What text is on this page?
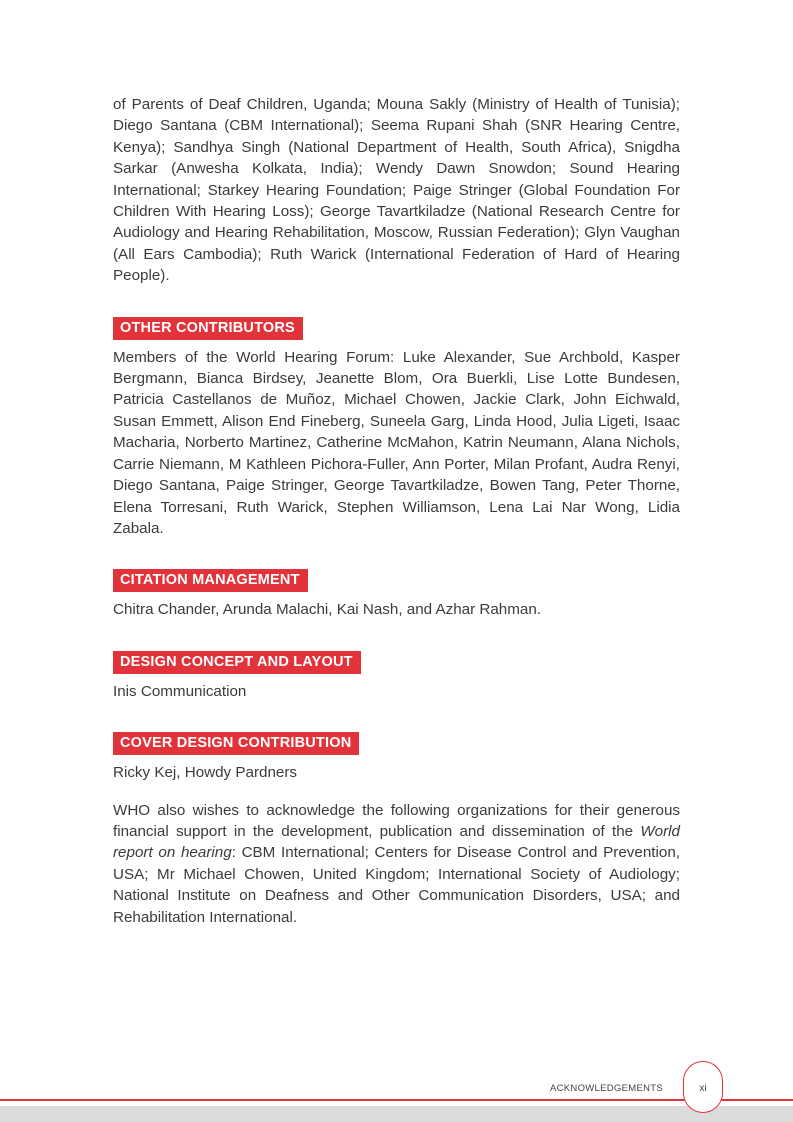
of Parents of Deaf Children, Uganda; Mouna Sakly (Ministry of Health of Tunisia); Diego Santana (CBM International); Seema Rupani Shah (SNR Hearing Centre, Kenya); Sandhya Singh (National Department of Health, South Africa), Snigdha Sarkar (Anwesha Kolkata, India); Wendy Dawn Snowdon; Sound Hearing International; Starkey Hearing Foundation; Paige Stringer (Global Foundation For Children With Hearing Loss); George Tavartkiladze (National Research Centre for Audiology and Hearing Rehabilitation, Moscow, Russian Federation); Glyn Vaughan (All Ears Cambodia); Ruth Warick (International Federation of Hard of Hearing People).

OTHER CONTRIBUTORS

Members of the World Hearing Forum: Luke Alexander, Sue Archbold, Kasper Bergmann, Bianca Birdsey, Jeanette Blom, Ora Buerkli, Lise Lotte Bundesen, Patricia Castellanos de Muñoz, Michael Chowen, Jackie Clark, John Eichwald, Susan Emmett, Alison End Fineberg, Suneela Garg, Linda Hood, Julia Ligeti, Isaac Macharia, Norberto Martinez, Catherine McMahon, Katrin Neumann, Alana Nichols, Carrie Niemann, M Kathleen Pichora-Fuller, Ann Porter, Milan Profant, Audra Renyi, Diego Santana, Paige Stringer, George Tavartkiladze, Bowen Tang, Peter Thorne, Elena Torresani, Ruth Warick, Stephen Williamson, Lena Lai Nar Wong, Lidia Zabala.

CITATION MANAGEMENT

Chitra Chander, Arunda Malachi, Kai Nash, and Azhar Rahman.

DESIGN CONCEPT AND LAYOUT

Inis Communication

COVER DESIGN CONTRIBUTION

Ricky Kej, Howdy Pardners

WHO also wishes to acknowledge the following organizations for their generous financial support in the development, publication and dissemination of the World report on hearing: CBM International; Centers for Disease Control and Prevention, USA; Mr Michael Chowen, United Kingdom; International Society of Audiology; National Institute on Deafness and Other Communication Disorders, USA; and Rehabilitation International.

ACKNOWLEDGEMENTS	xi
